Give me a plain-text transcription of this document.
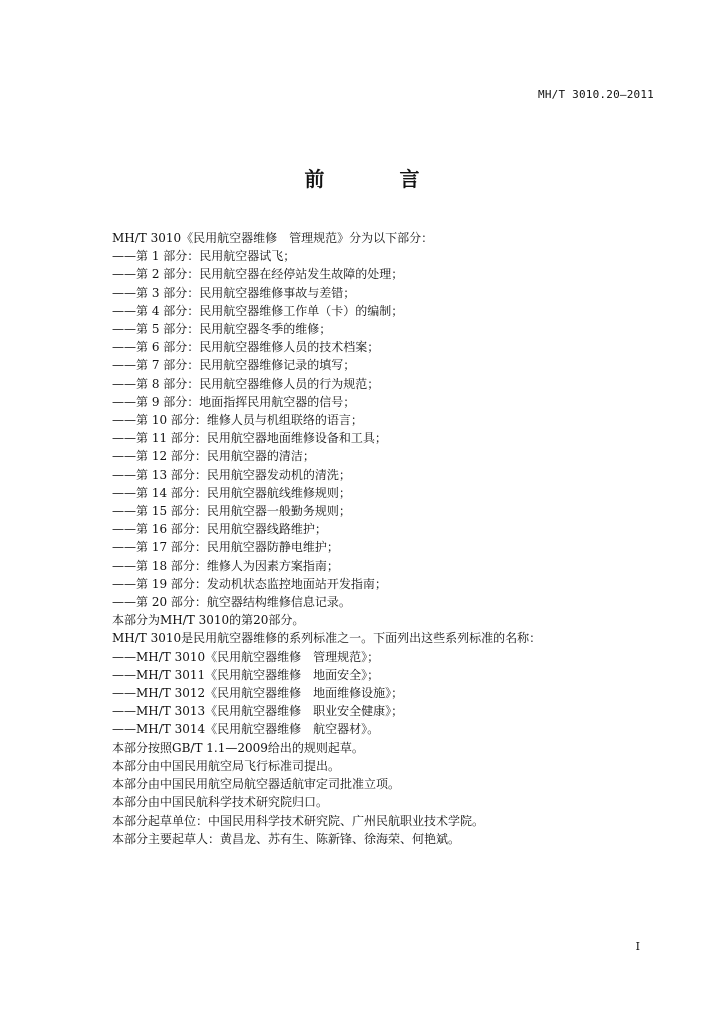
MH/T 3010.20—2011
前 言
MH/T 3010《民用航空器维修　管理规范》分为以下部分：
——第 1 部分：民用航空器试飞；
——第 2 部分：民用航空器在经停站发生故障的处理；
——第 3 部分：民用航空器维修事故与差错；
——第 4 部分：民用航空器维修工作单（卡）的编制；
——第 5 部分：民用航空器冬季的维修；
——第 6 部分：民用航空器维修人员的技术档案；
——第 7 部分：民用航空器维修记录的填写；
——第 8 部分：民用航空器维修人员的行为规范；
——第 9 部分：地面指挥民用航空器的信号；
——第 10 部分：维修人员与机组联络的语言；
——第 11 部分：民用航空器地面维修设备和工具；
——第 12 部分：民用航空器的清洁；
——第 13 部分：民用航空器发动机的清洗；
——第 14 部分：民用航空器航线维修规则；
——第 15 部分：民用航空器一般勤务规则；
——第 16 部分：民用航空器线路维护；
——第 17 部分：民用航空器防静电维护；
——第 18 部分：维修人为因素方案指南；
——第 19 部分：发动机状态监控地面站开发指南；
——第 20 部分：航空器结构维修信息记录。
本部分为MH/T 3010的第20部分。
MH/T 3010是民用航空器维修的系列标准之一。下面列出这些系列标准的名称：
——MH/T 3010《民用航空器维修　管理规范》；
——MH/T 3011《民用航空器维修　地面安全》；
——MH/T 3012《民用航空器维修　地面维修设施》；
——MH/T 3013《民用航空器维修　职业安全健康》；
——MH/T 3014《民用航空器维修　航空器材》。
本部分按照GB/T 1.1—2009给出的规则起草。
本部分由中国民用航空局飞行标准司提出。
本部分由中国民用航空局航空器适航审定司批准立项。
本部分由中国民航科学技术研究院归口。
本部分起草单位：中国民用科学技术研究院、广州民航职业技术学院。
本部分主要起草人：黄昌龙、苏有生、陈新锋、徐海荣、何艳斌。
I
